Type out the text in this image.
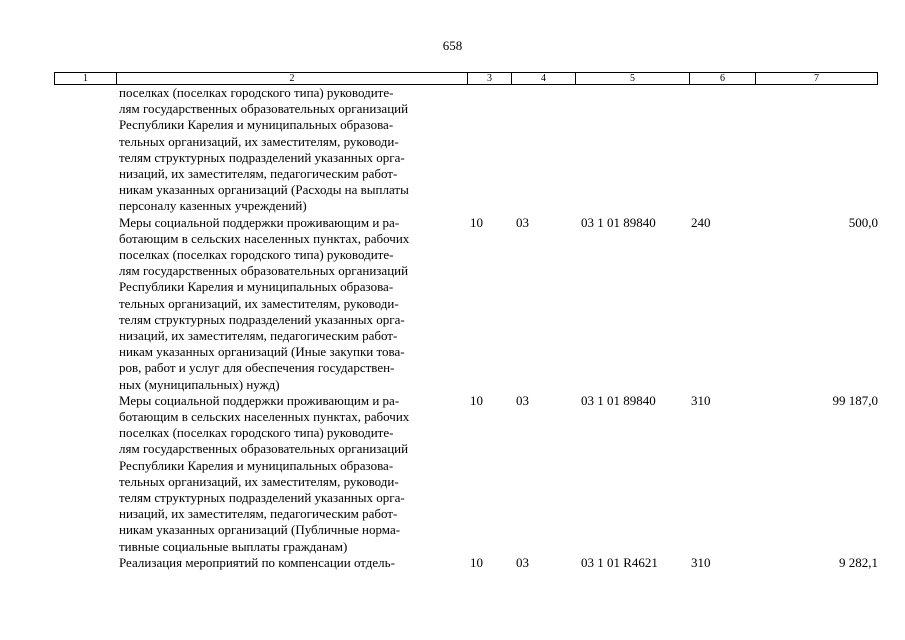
658
1	2	3	4	5	6	7
поселках (поселках городского типа) руководите-
лям государственных образовательных организаций
Республики Карелия и муниципальных образова-
тельных организаций, их заместителям, руководи-
телям структурных подразделений указанных орга-
низаций, их заместителям, педагогическим работ-
никам указанных организаций (Расходы на выплаты
персоналу казенных учреждений)
Меры социальной поддержки проживающим и ра-
ботающим в сельских населенных пунктах, рабочих
поселках (поселках городского типа) руководите-
лям государственных образовательных организаций
Республики Карелия и муниципальных образова-
тельных организаций, их заместителям, руководи-
телям структурных подразделений указанных орга-
низаций, их заместителям, педагогическим работ-
никам указанных организаций (Иные закупки това-
ров, работ и услуг для обеспечения государствен-
ных (муниципальных) нужд)
10	03	03 1 01 89840	240	500,0
Меры социальной поддержки проживающим и ра-
ботающим в сельских населенных пунктах, рабочих
поселках (поселках городского типа) руководите-
лям государственных образовательных организаций
Республики Карелия и муниципальных образова-
тельных организаций, их заместителям, руководи-
телям структурных подразделений указанных орга-
низаций, их заместителям, педагогическим работ-
никам указанных организаций (Публичные норма-
тивные социальные выплаты гражданам)
10	03	03 1 01 89840	310	99 187,0
Реализация мероприятий по компенсации отдель-	10	03	03 1 01 R4621	310	9 282,1
